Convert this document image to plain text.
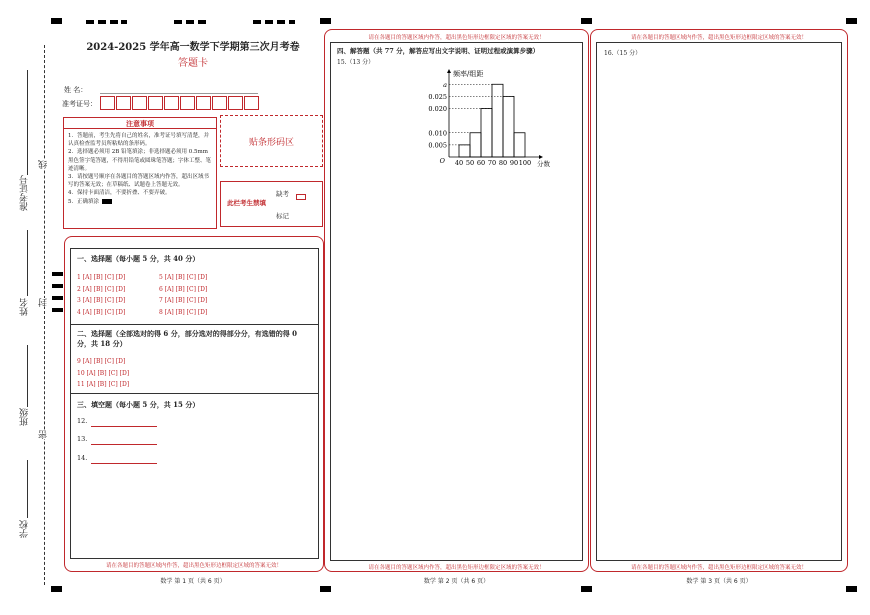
准考证号
姓名
班级
学校
线
封
密
2024-2025 学年高一数学下学期第三次月考卷
答题卡
姓 名：
准考证号：
注意事项
1．答题前，考生先将自己的姓名，准考证号填写清楚，并认真检查监考员所粘贴的条形码。
2．选择题必须用 2B 铅笔填涂；非选择题必须用 0.5mm 黑色签字笔答题，不得用铅笔或圆珠笔答题；字体工整、笔迹清晰。
3．请按题号顺序在各题目的答题区域内作答，超出区域书写的答案无效；在草稿纸、试题卷上答题无效。
4．保持卡面清洁，不要折叠、不要弄破。
5．正确填涂
贴条形码区
此栏考生禁填
缺考
标记
一、选择题（每小题 5 分，共 40 分）
1 [A] [B] [C] [D]
2 [A] [B] [C] [D]
3 [A] [B] [C] [D]
4 [A] [B] [C] [D]
5 [A] [B] [C] [D]
6 [A] [B] [C] [D]
7 [A] [B] [C] [D]
8 [A] [B] [C] [D]
二、选择题（全部选对的得 6 分，部分选对的得部分分，有选错的得 0
分，共 18 分）
9 [A] [B] [C] [D]
10 [A] [B] [C] [D]
11 [A] [B] [C] [D]
三、填空题（每小题 5 分，共 15 分）
12.
13.
14.
请在各题目的答题区域内作答，超出黑色矩形边框限定区域的答案无效！
数学 第 1 页（共 6 页）
请在各题目的答题区域内作答，超出黑色矩形边框限定区域的答案无效！
四、解答题（共 77 分，解答应写出文字说明、证明过程或演算步骤）
15.（13 分）
0.005
0.010
0.020
0.025
a
40 50 60 70 80 90 100
O	分数
频率/组距
请在各题目的答题区域内作答，超出黑色矩形边框限定区域的答案无效！
数学 第 2 页（共 6 页）
请在各题目的答题区域内作答，超出黑色矩形边框限定区域的答案无效！
16.（15 分）
请在各题目的答题区域内作答，超出黑色矩形边框限定区域的答案无效！
数学 第 3 页（共 6 页）
